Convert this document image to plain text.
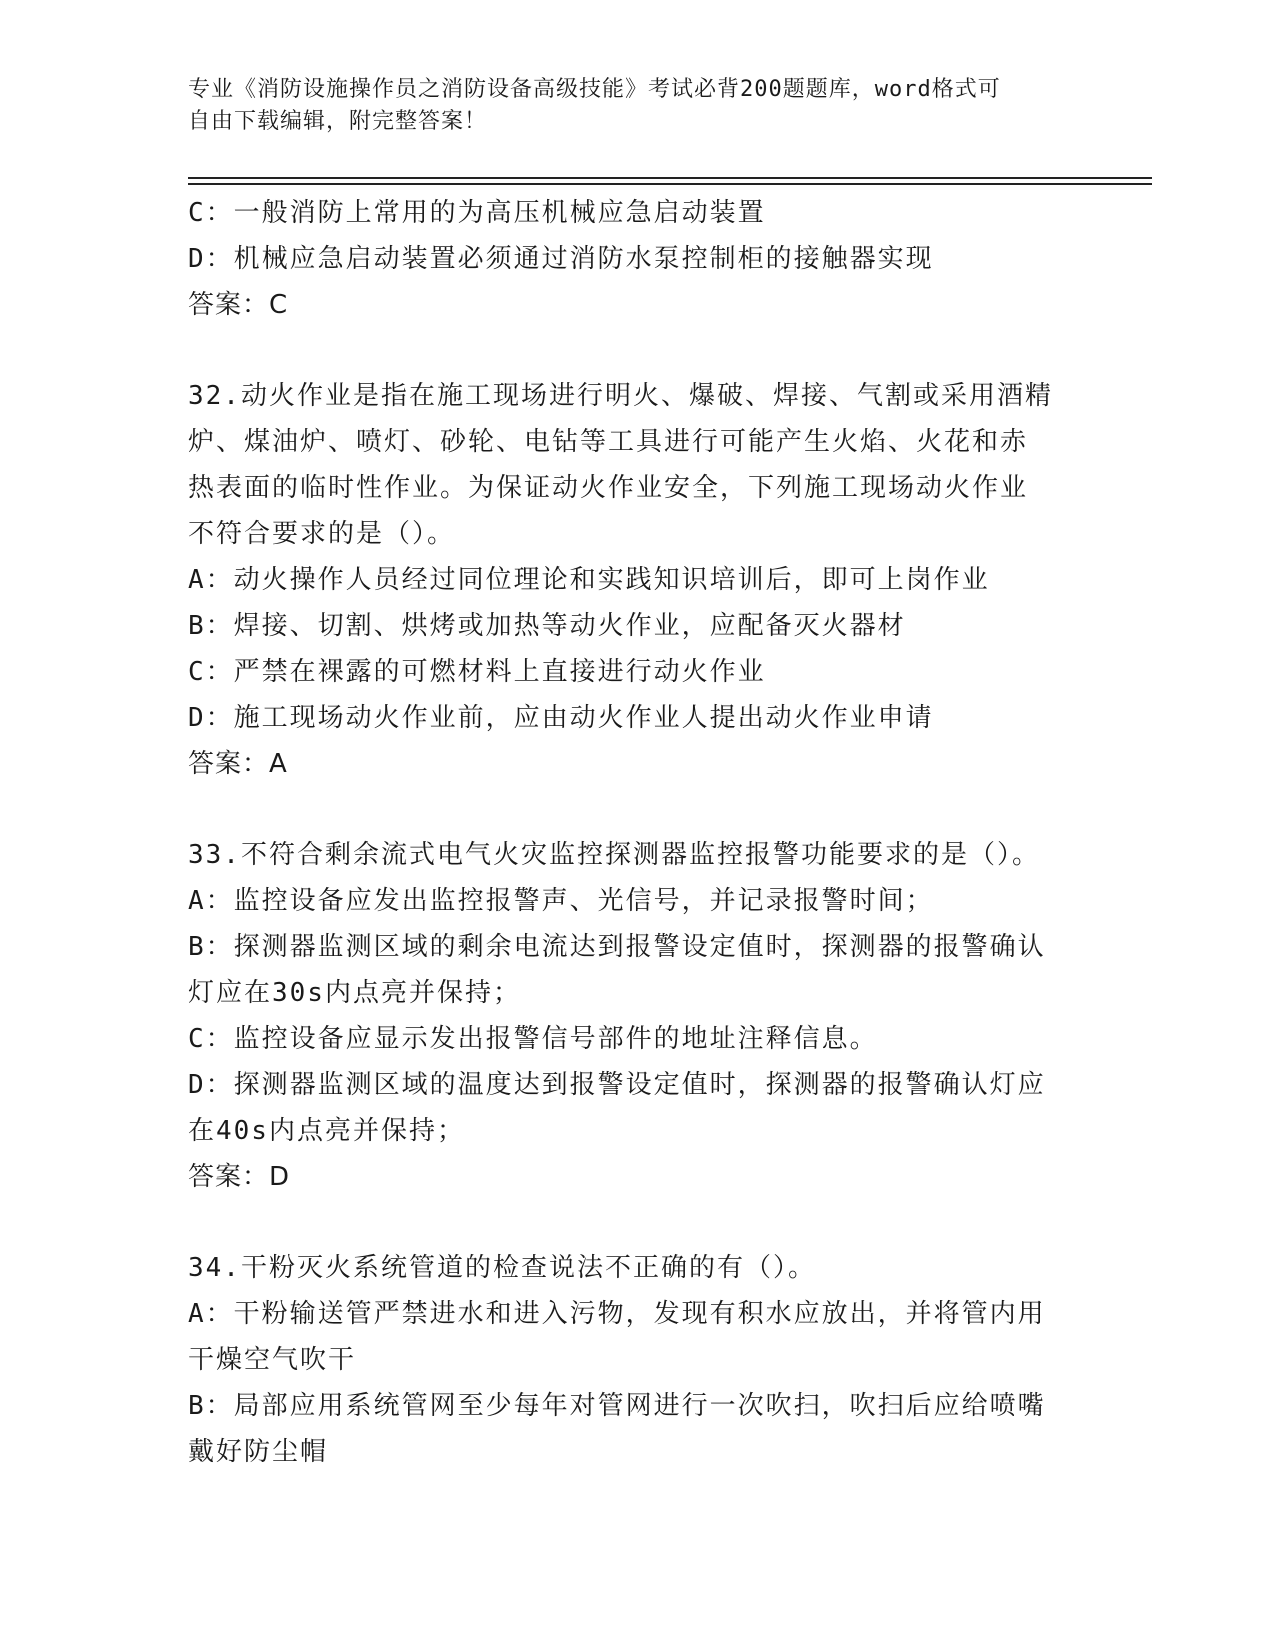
专业《消防设施操作员之消防设备高级技能》考试必背200题题库，word格式可
自由下载编辑，附完整答案！
C：一般消防上常用的为高压机械应急启动装置
D：机械应急启动装置必须通过消防水泵控制柜的接触器实现
答案：C
32.动火作业是指在施工现场进行明火、爆破、焊接、气割或采用酒精
炉、煤油炉、喷灯、砂轮、电钻等工具进行可能产生火焰、火花和赤
热表面的临时性作业。为保证动火作业安全，下列施工现场动火作业
不符合要求的是（）。
A：动火操作人员经过同位理论和实践知识培训后，即可上岗作业
B：焊接、切割、烘烤或加热等动火作业，应配备灭火器材
C：严禁在裸露的可燃材料上直接进行动火作业
D：施工现场动火作业前，应由动火作业人提出动火作业申请
答案：A
33.不符合剩余流式电气火灾监控探测器监控报警功能要求的是（）。
A：监控设备应发出监控报警声、光信号，并记录报警时间；
B：探测器监测区域的剩余电流达到报警设定值时，探测器的报警确认
灯应在30s内点亮并保持；
C：监控设备应显示发出报警信号部件的地址注释信息。
D：探测器监测区域的温度达到报警设定值时，探测器的报警确认灯应
在40s内点亮并保持；
答案：D
34.干粉灭火系统管道的检查说法不正确的有（）。
A：干粉输送管严禁进水和进入污物，发现有积水应放出，并将管内用
干燥空气吹干
B：局部应用系统管网至少每年对管网进行一次吹扫，吹扫后应给喷嘴
戴好防尘帽
